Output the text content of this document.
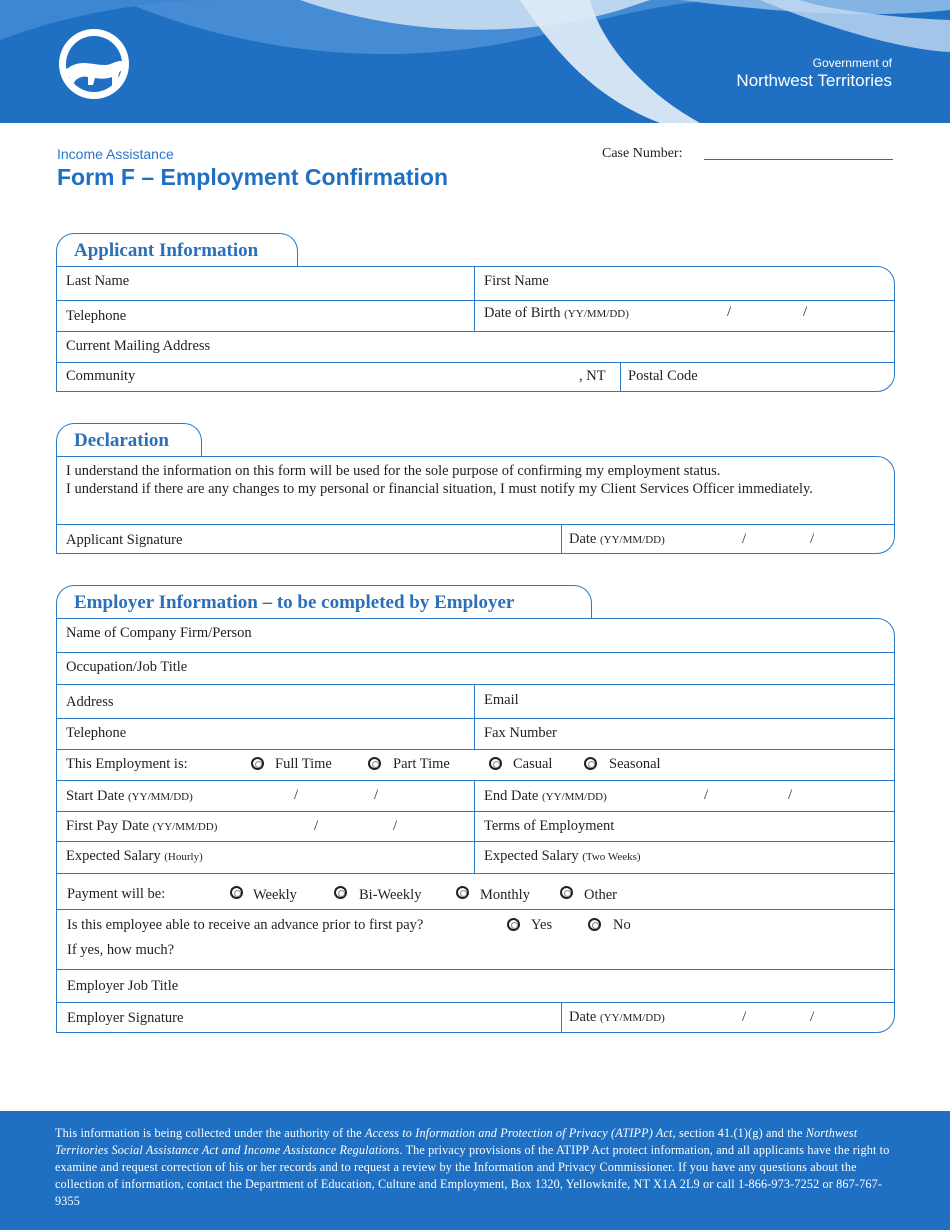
Government of
Northwest Territories
Income Assistance
Form F – Employment Confirmation
Case Number:
Applicant Information
Last Name	First Name
Telephone	Date of Birth (YY/MM/DD)	/	/
Current Mailing Address
Community	, NT	Postal Code
Declaration
I understand the information on this form will be used for the sole purpose of confirming my employment status.
I understand if there are any changes to my personal or financial situation, I must notify my Client Services Officer immediately.
Applicant Signature	Date (YY/MM/DD)	/	/
Employer Information – to be completed by Employer
Name of Company Firm/Person
Occupation/Job Title
Address	Email
Telephone	Fax Number
This Employment is:	Full Time	Part Time	Casual	Seasonal
Start Date (YY/MM/DD)	/	/	End Date (YY/MM/DD)	/	/
First Pay Date (YY/MM/DD)	/	/	Terms of Employment
Expected Salary (Hourly)	Expected Salary (Two Weeks)
Payment will be:	Weekly	Bi-Weekly	Monthly	Other
Is this employee able to receive an advance prior to first pay?	Yes	No
If yes, how much?
Employer Job Title
Employer Signature	Date (YY/MM/DD)	/	/
This information is being collected under the authority of the Access to Information and Protection of Privacy (ATIPP) Act, section 41.(1)(g) and the Northwest Territories Social Assistance Act and Income Assistance Regulations. The privacy provisions of the ATIPP Act protect information, and all applicants have the right to examine and request correction of his or her records and to request a review by the Information and Privacy Commissioner. If you have any questions about the collection of information, contact the Department of Education, Culture and Employment, Box 1320, Yellowknife, NT X1A 2L9 or call 1-866-973-7252 or 867-767-9355
